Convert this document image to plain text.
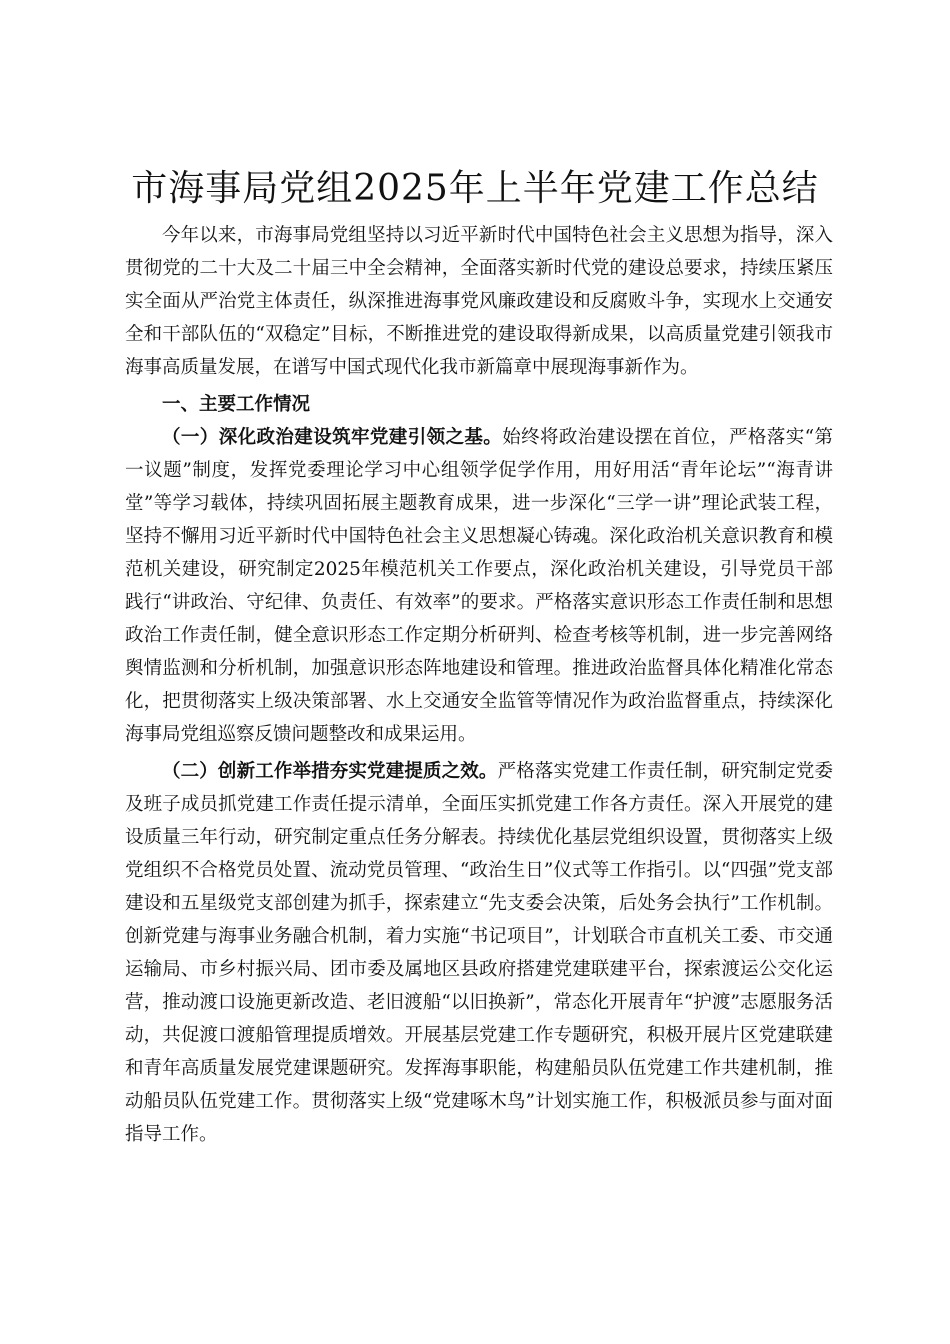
市海事局党组2025年上半年党建工作总结

今年以来，市海事局党组坚持以习近平新时代中国特色社会主义思想为指导，深入贯彻党的二十大及二十届三中全会精神，全面落实新时代党的建设总要求，持续压紧压实全面从严治党主体责任，纵深推进海事党风廉政建设和反腐败斗争，实现水上交通安全和干部队伍的“双稳定”目标，不断推进党的建设取得新成果，以高质量党建引领我市海事高质量发展，在谱写中国式现代化我市新篇章中展现海事新作为。

一、主要工作情况

（一）深化政治建设筑牢党建引领之基。始终将政治建设摆在首位，严格落实“第一议题”制度，发挥党委理论学习中心组领学促学作用，用好用活“青年论坛”“海青讲堂”等学习载体，持续巩固拓展主题教育成果，进一步深化“三学一讲”理论武装工程，坚持不懈用习近平新时代中国特色社会主义思想凝心铸魂。深化政治机关意识教育和模范机关建设，研究制定2025年模范机关工作要点，深化政治机关建设，引导党员干部践行“讲政治、守纪律、负责任、有效率”的要求。严格落实意识形态工作责任制和思想政治工作责任制，健全意识形态工作定期分析研判、检查考核等机制，进一步完善网络舆情监测和分析机制，加强意识形态阵地建设和管理。推进政治监督具体化精准化常态化，把贯彻落实上级决策部署、水上交通安全监管等情况作为政治监督重点，持续深化海事局党组巡察反馈问题整改和成果运用。

（二）创新工作举措夯实党建提质之效。严格落实党建工作责任制，研究制定党委及班子成员抓党建工作责任提示清单，全面压实抓党建工作各方责任。深入开展党的建设质量三年行动，研究制定重点任务分解表。持续优化基层党组织设置，贯彻落实上级党组织不合格党员处置、流动党员管理、“政治生日”仪式等工作指引。以“四强”党支部建设和五星级党支部创建为抓手，探索建立“先支委会决策，后处务会执行”工作机制。创新党建与海事业务融合机制，着力实施“书记项目”，计划联合市直机关工委、市交通运输局、市乡村振兴局、团市委及属地区县政府搭建党建联建平台，探索渡运公交化运营，推动渡口设施更新改造、老旧渡船“以旧换新”，常态化开展青年“护渡”志愿服务活动，共促渡口渡船管理提质增效。开展基层党建工作专题研究，积极开展片区党建联建和青年高质量发展党建课题研究。发挥海事职能，构建船员队伍党建工作共建机制，推动船员队伍党建工作。贯彻落实上级“党建啄木鸟”计划实施工作，积极派员参与面对面指导工作。
